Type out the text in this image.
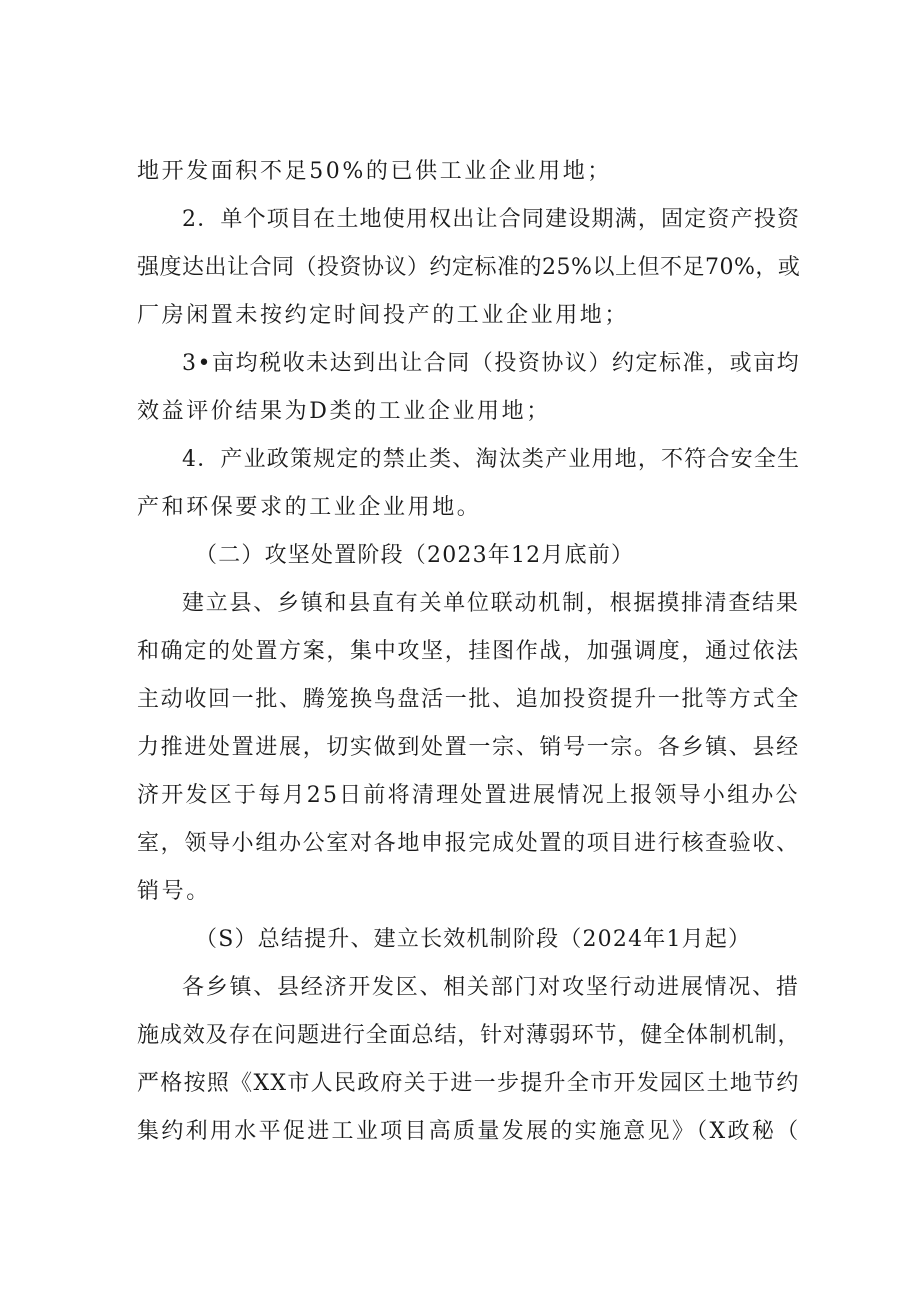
地开发面积不足50%的已供工业企业用地；
2．单个项目在土地使用权出让合同建设期满，固定资产投资
强度达出让合同（投资协议）约定标准的25%以上但不足70%，或
厂房闲置未按约定时间投产的工业企业用地；
3•亩均税收未达到出让合同（投资协议）约定标准，或亩均
效益评价结果为D类的工业企业用地；
4．产业政策规定的禁止类、淘汰类产业用地，不符合安全生
产和环保要求的工业企业用地。
（二）攻坚处置阶段（2023年12月底前）
建立县、乡镇和县直有关单位联动机制，根据摸排清查结果
和确定的处置方案，集中攻坚，挂图作战，加强调度，通过依法
主动收回一批、腾笼换鸟盘活一批、追加投资提升一批等方式全
力推进处置进展，切实做到处置一宗、销号一宗。各乡镇、县经
济开发区于每月25日前将清理处置进展情况上报领导小组办公
室，领导小组办公室对各地申报完成处置的项目进行核查验收、
销号。
（S）总结提升、建立长效机制阶段（2024年1月起）
各乡镇、县经济开发区、相关部门对攻坚行动进展情况、措
施成效及存在问题进行全面总结，针对薄弱环节，健全体制机制，
严格按照《XX市人民政府关于进一步提升全市开发园区土地节约
集约利用水平促进工业项目高质量发展的实施意见》（X政秘（
